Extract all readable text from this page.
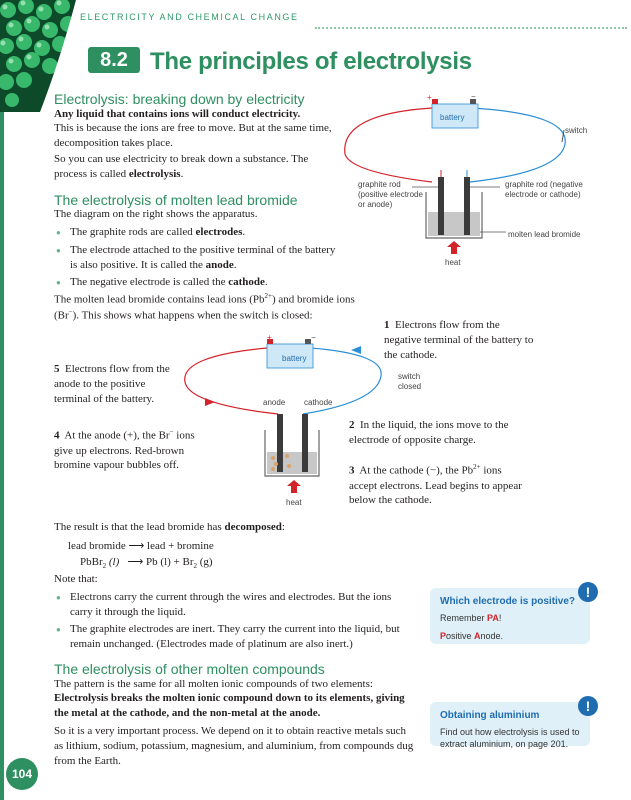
ELECTRICITY AND CHEMICAL CHANGE
8.2 The principles of electrolysis
Electrolysis: breaking down by electricity

Any liquid that contains ions will conduct electricity.

This is because the ions are free to move. But at the same time, decomposition takes place.

So you can use electricity to break down a substance. The process is called electrolysis.

The electrolysis of molten lead bromide

The diagram on the right shows the apparatus.

● The graphite rods are called electrodes.
● The electrode attached to the positive terminal of the battery is also positive. It is called the anode.
● The negative electrode is called the cathode.

The molten lead bromide contains lead ions $(Pb^{2+})$ and bromide ions (Br−). This shows what happens when the switch is closed:

+	−
battery
switch
graphite rod (positive electrode or anode)
graphite rod (negative electrode or cathode)
molten lead bromide
heat
+	−
battery
switch closed
anode cathode
heat
1 Electrons flow from the negative terminal of the battery to the cathode.
5 Electrons flow from the anode to the positive terminal of the battery.
4 At the anode (+), the Br− ions give up electrons. Red-brown bromine vapour bubbles off.
2 In the liquid, the ions move to the electrode of opposite charge.
3 At the cathode (−), the $Pb^{2+}$ ions accept electrons. Lead begins to appear below the cathode.

The result is that the lead bromide has decomposed:

lead bromide ⟶ lead + bromine
PbBr$_2$ (l) ⟶ Pb $(l) + Br_2$ (g)

Note that:

● Electrons carry the current through the wires and electrodes. But the ions carry it through the liquid.
● The graphite electrodes are inert. They carry the current into the liquid, but remain unchanged. (Electrodes made of platinum are also inert.)
The electrolysis of other molten compounds

The pattern is the same for all molten ionic compounds of two elements:

Electrolysis breaks the molten ionic compound down to its elements, giving the metal at the cathode, and the non-metal at the anode.

So it is a very important process. We depend on it to obtain reactive metals such as lithium, sodium, potassium, magnesium, and aluminium, from compounds dug from the Earth.

Which electrode is positive?
Remember PA!
Positive Anode.
!
Obtaining aluminium
Find out how electrolysis is used to extract aluminium, on page 201.
!
104
